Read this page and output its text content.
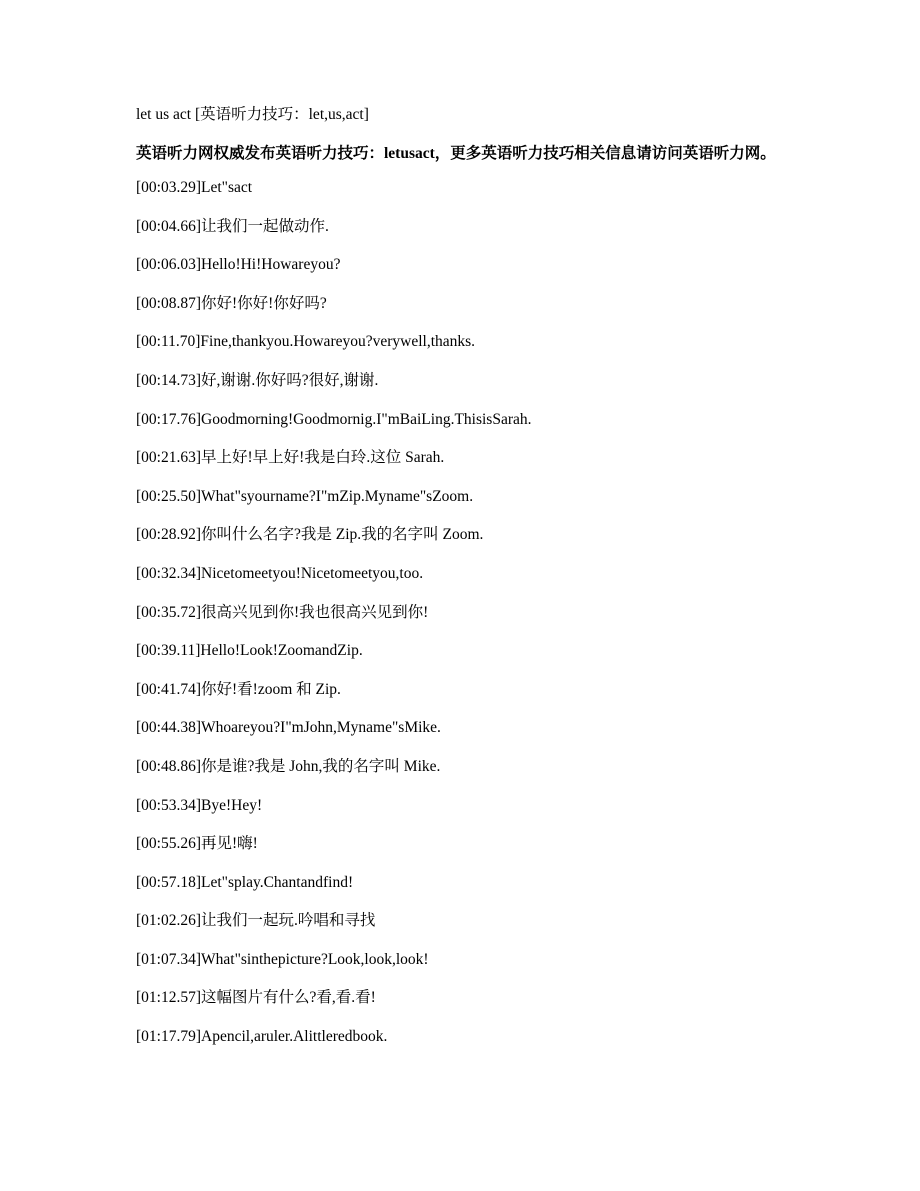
let us act [英语听力技巧：let,us,act]

英语听力网权威发布英语听力技巧：letusact，更多英语听力技巧相关信息请访问英语听力网。

[00:03.29]Let"sact
[00:04.66]让我们一起做动作.
[00:06.03]Hello!Hi!Howareyou?
[00:08.87]你好!你好!你好吗?
[00:11.70]Fine,thankyou.Howareyou?verywell,thanks.
[00:14.73]好,谢谢.你好吗?很好,谢谢.
[00:17.76]Goodmorning!Goodmornig.I"mBaiLing.ThisisSarah.
[00:21.63]早上好!早上好!我是白玲.这位 Sarah.
[00:25.50]What"syourname?I"mZip.Myname"sZoom.
[00:28.92]你叫什么名字?我是 Zip.我的名字叫 Zoom.
[00:32.34]Nicetomeetyou!Nicetomeetyou,too.
[00:35.72]很高兴见到你!我也很高兴见到你!
[00:39.11]Hello!Look!ZoomandZip.
[00:41.74]你好!看!zoom 和 Zip.
[00:44.38]Whoareyou?I"mJohn,Myname"sMike.
[00:48.86]你是谁?我是 John,我的名字叫 Mike.
[00:53.34]Bye!Hey!
[00:55.26]再见!嗨!
[00:57.18]Let"splay.Chantandfind!
[01:02.26]让我们一起玩.吟唱和寻找
[01:07.34]What"sinthepicture?Look,look,look!
[01:12.57]这幅图片有什么?看,看.看!
[01:17.79]Apencil,aruler.Alittleredbook.
